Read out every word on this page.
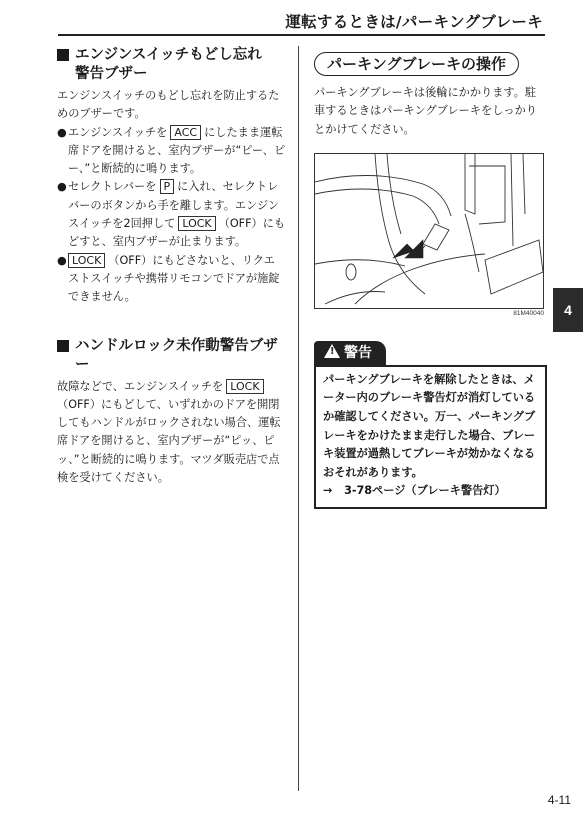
運転するときは/パーキングブレーキ
エンジンスイッチもどし忘れ
警告ブザー
エンジンスイッチのもどし忘れを防止するためのブザーです。
● エンジンスイッチを ACC にしたまま運転席ドアを開けると、室内ブザーが“ピー、ピー、”と断続的に鳴ります。
● セレクトレバーを P に入れ、セレクトレバーのボタンから手を離します。エンジンスイッチを2回押して LOCK （OFF）にもどすと、室内ブザーが止まります。
● LOCK （OFF）にもどさないと、リクエストスイッチや携帯リモコンでドアが施錠できません。
ハンドルロック未作動警告ブザー
故障などで、エンジンスイッチを LOCK（OFF）にもどして、いずれかのドアを開閉してもハンドルがロックされない場合、運転席ドアを開けると、室内ブザーが“ピッ、ピッ、”と断続的に鳴ります。マツダ販売店で点検を受けてください。
パーキングブレーキの操作
パーキングブレーキは後輪にかかります。駐車するときはパーキングブレーキをしっかりとかけてください。
81M40040
! 警告
パーキングブレーキを解除したときは、メーター内のブレーキ警告灯が消灯しているか確認してください。万一、パーキングブレーキをかけたまま走行した場合、ブレーキ装置が過熱してブレーキが効かなくなるおそれがあります。
→ 3-78ページ（ブレーキ警告灯）
4
4-11
